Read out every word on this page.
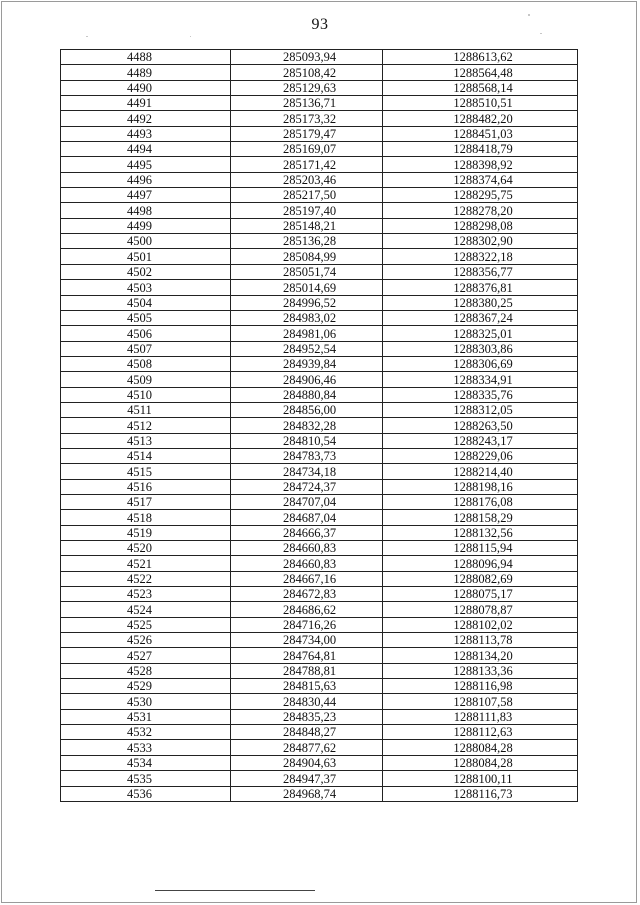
93
4488	285093,94	1288613,62
4489	285108,42	1288564,48
4490	285129,63	1288568,14
4491	285136,71	1288510,51
4492	285173,32	1288482,20
4493	285179,47	1288451,03
4494	285169,07	1288418,79
4495	285171,42	1288398,92
4496	285203,46	1288374,64
4497	285217,50	1288295,75
4498	285197,40	1288278,20
4499	285148,21	1288298,08
4500	285136,28	1288302,90
4501	285084,99	1288322,18
4502	285051,74	1288356,77
4503	285014,69	1288376,81
4504	284996,52	1288380,25
4505	284983,02	1288367,24
4506	284981,06	1288325,01
4507	284952,54	1288303,86
4508	284939,84	1288306,69
4509	284906,46	1288334,91
4510	284880,84	1288335,76
4511	284856,00	1288312,05
4512	284832,28	1288263,50
4513	284810,54	1288243,17
4514	284783,73	1288229,06
4515	284734,18	1288214,40
4516	284724,37	1288198,16
4517	284707,04	1288176,08
4518	284687,04	1288158,29
4519	284666,37	1288132,56
4520	284660,83	1288115,94
4521	284660,83	1288096,94
4522	284667,16	1288082,69
4523	284672,83	1288075,17
4524	284686,62	1288078,87
4525	284716,26	1288102,02
4526	284734,00	1288113,78
4527	284764,81	1288134,20
4528	284788,81	1288133,36
4529	284815,63	1288116,98
4530	284830,44	1288107,58
4531	284835,23	1288111,83
4532	284848,27	1288112,63
4533	284877,62	1288084,28
4534	284904,63	1288084,28
4535	284947,37	1288100,11
4536	284968,74	1288116,73
